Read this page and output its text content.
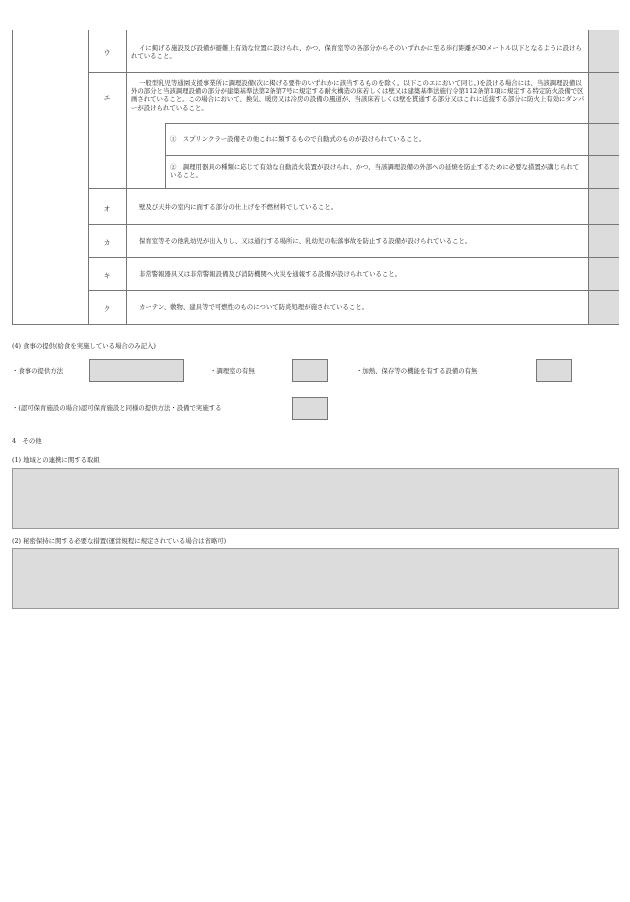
ウ
エ
オ
カ
キ
ク
イに掲げる施設及び設備が避難上有効な位置に設けられ、かつ、保育室等の各部分からそのいずれかに至る歩行距離が30メートル以下となるように設けられていること。
一般型乳児等通園支援事業所に調理設備(次に掲げる要件のいずれかに該当するものを除く。以下このエにおいて同じ。)を設ける場合には、当該調理設備以外の部分と当該調理設備の部分が建築基準法第2条第7号に規定する耐火構造の床若しくは壁又は建築基準法施行令第112条第1項に規定する特定防火設備で区画されていること。この場合において、換気、暖房又は冷房の設備の風道が、当該床若しくは壁を貫通する部分又はこれに近接する部分に防火上有効にダンパーが設けられていること。
①　スプリンクラー設備その他これに類するもので自動式のものが設けられていること。
②　調理用器具の種類に応じて有効な自動消火装置が設けられ、かつ、当該調理設備の外部への延焼を防止するために必要な措置が講じられていること。
壁及び天井の室内に面する部分の仕上げを不燃材料でしていること。
保育室等その他乳幼児が出入りし、又は通行する場所に、乳幼児の転落事故を防止する設備が設けられていること。
非常警報器具又は非常警報設備及び消防機関へ火災を通報する設備が設けられていること。
カーテン、敷物、建具等で可燃性のものについて防炎処理が施されていること。
(4) 食事の提供(給食を実施している場合のみ記入)
・食事の提供方法	・調理室の有無	・加熱、保存等の機能を有する設備の有無
・(認可保育施設の場合)認可保育施設と同様の提供方法・設備で実施する
4　その他
(1) 地域との連携に関する取組
(2) 秘密保持に関する必要な措置(運営規程に規定されている場合は省略可)
